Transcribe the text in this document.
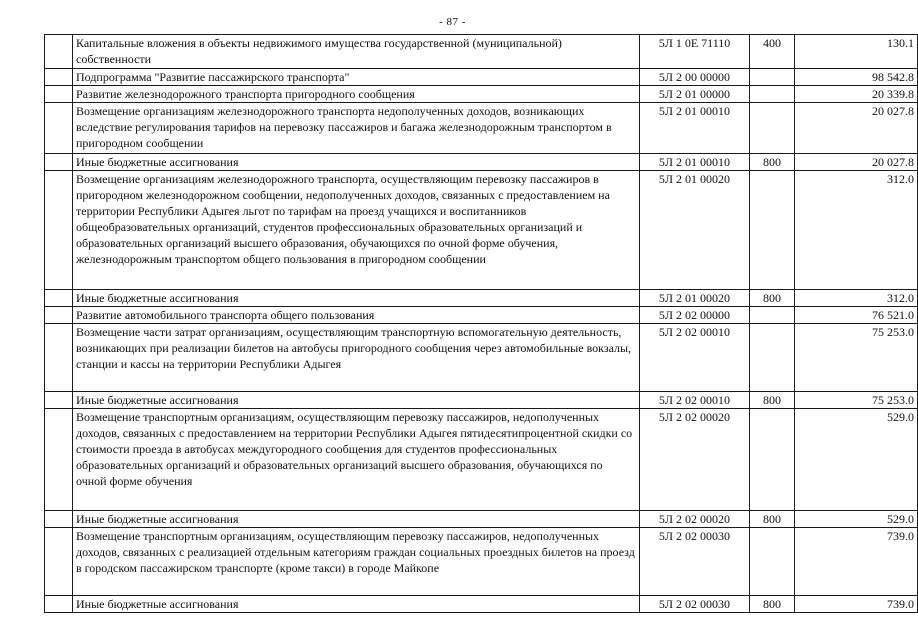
- 87 -
	Капитальные вложения в объекты недвижимого имущества государственной (муниципальной) собственности	5Л 1 0Е 71110	400	130.1
	Подпрограмма "Развитие пассажирского транспорта"	5Л 2 00 00000		98 542.8
	Развитие железнодорожного транспорта пригородного сообщения	5Л 2 01 00000		20 339.8
	Возмещение организациям железнодорожного транспорта недополученных доходов, возникающих вследствие регулирования тарифов на перевозку пассажиров и багажа железнодорожным транспортом в пригородном сообщении	5Л 2 01 00010		20 027.8
	Иные бюджетные ассигнования	5Л 2 01 00010	800	20 027.8
	Возмещение организациям железнодорожного транспорта, осуществляющим перевозку пассажиров в пригородном железнодорожном сообщении, недополученных доходов, связанных с предоставлением на территории Республики Адыгея льгот по тарифам на проезд учащихся и воспитанников общеобразовательных организаций, студентов профессиональных образовательных организаций и образовательных организаций высшего образования, обучающихся по очной форме обучения, железнодорожным транспортом общего пользования в пригородном сообщении	5Л 2 01 00020		312.0
	Иные бюджетные ассигнования	5Л 2 01 00020	800	312.0
	Развитие автомобильного транспорта общего пользования	5Л 2 02 00000		76 521.0
	Возмещение части затрат организациям, осуществляющим транспортную вспомогательную деятельность, возникающих при реализации билетов на автобусы пригородного сообщения через автомобильные вокзалы, станции и кассы на территории Республики Адыгея	5Л 2 02 00010		75 253.0
	Иные бюджетные ассигнования	5Л 2 02 00010	800	75 253.0
	Возмещение транспортным организациям, осуществляющим перевозку пассажиров, недополученных доходов, связанных с предоставлением на территории Республики Адыгея пятидесятипроцентной скидки со стоимости проезда в автобусах междугородного сообщения для студентов профессиональных образовательных организаций и образовательных организаций высшего образования, обучающихся по очной форме обучения	5Л 2 02 00020		529.0
	Иные бюджетные ассигнования	5Л 2 02 00020	800	529.0
	Возмещение транспортным организациям, осуществляющим перевозку пассажиров, недополученных доходов, связанных с реализацией отдельным категориям граждан социальных проездных билетов на проезд в городском пассажирском транспорте (кроме такси) в городе Майкопе	5Л 2 02 00030		739.0
	Иные бюджетные ассигнования	5Л 2 02 00030	800	739.0
